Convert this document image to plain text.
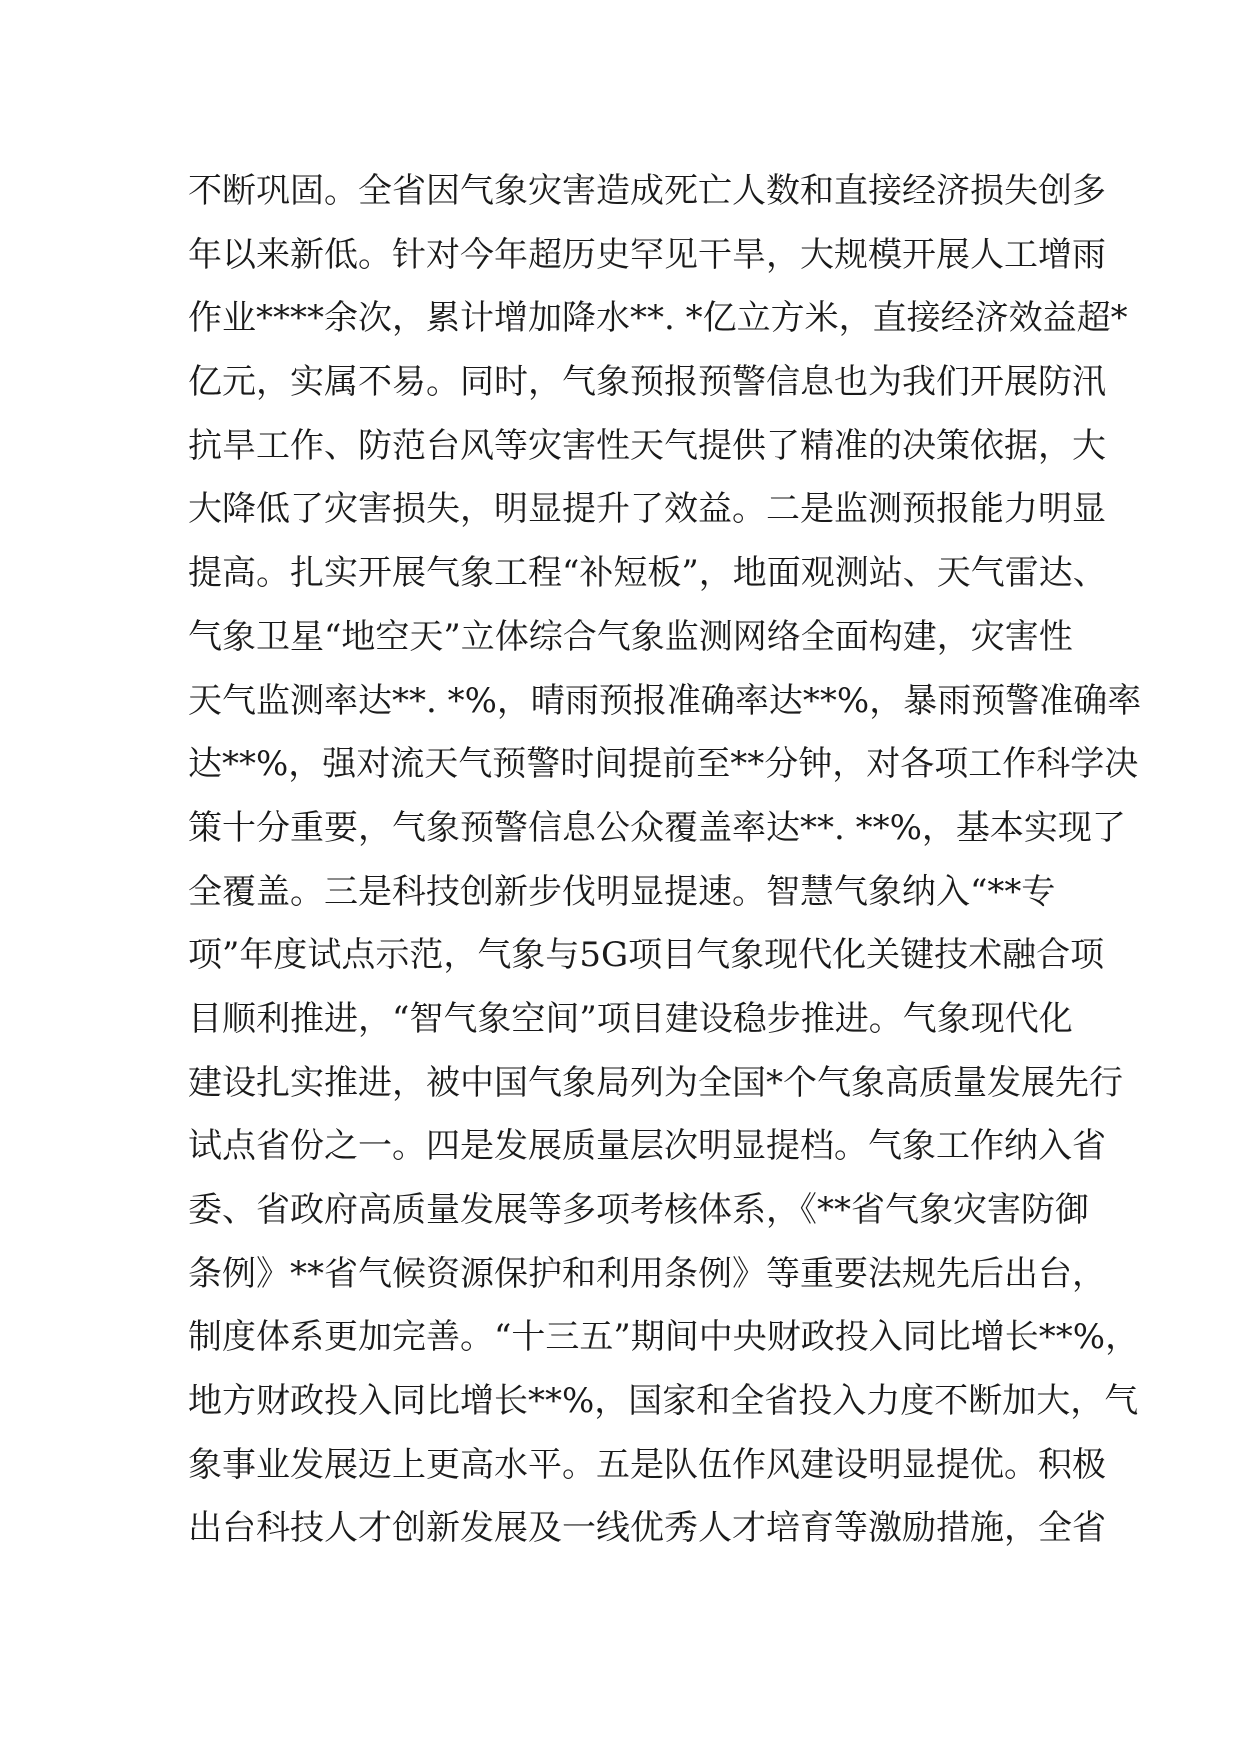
不断巩固。全省因气象灾害造成死亡人数和直接经济损失创多
年以来新低。针对今年超历史罕见干旱，大规模开展人工增雨
作业****余次，累计增加降水**. *亿立方米，直接经济效益超*
亿元，实属不易。同时，气象预报预警信息也为我们开展防汛
抗旱工作、防范台风等灾害性天气提供了精准的决策依据，大
大降低了灾害损失，明显提升了效益。二是监测预报能力明显
提高。扎实开展气象工程“补短板”，地面观测站、天气雷达、
气象卫星“地空天”立体综合气象监测网络全面构建，灾害性
天气监测率达**. *%，晴雨预报准确率达**%，暴雨预警准确率
达**%，强对流天气预警时间提前至**分钟，对各项工作科学决
策十分重要，气象预警信息公众覆盖率达**. **%，基本实现了
全覆盖。三是科技创新步伐明显提速。智慧气象纳入“**专
项”年度试点示范，气象与5G项目气象现代化关键技术融合项
目顺利推进，“智气象空间”项目建设稳步推进。气象现代化
建设扎实推进，被中国气象局列为全国*个气象高质量发展先行
试点省份之一。四是发展质量层次明显提档。气象工作纳入省
委、省政府高质量发展等多项考核体系，《**省气象灾害防御
条例》**省气候资源保护和利用条例》等重要法规先后出台，
制度体系更加完善。“十三五”期间中央财政投入同比增长**%，
地方财政投入同比增长**%，国家和全省投入力度不断加大，气
象事业发展迈上更高水平。五是队伍作风建设明显提优。积极
出台科技人才创新发展及一线优秀人才培育等激励措施，全省
